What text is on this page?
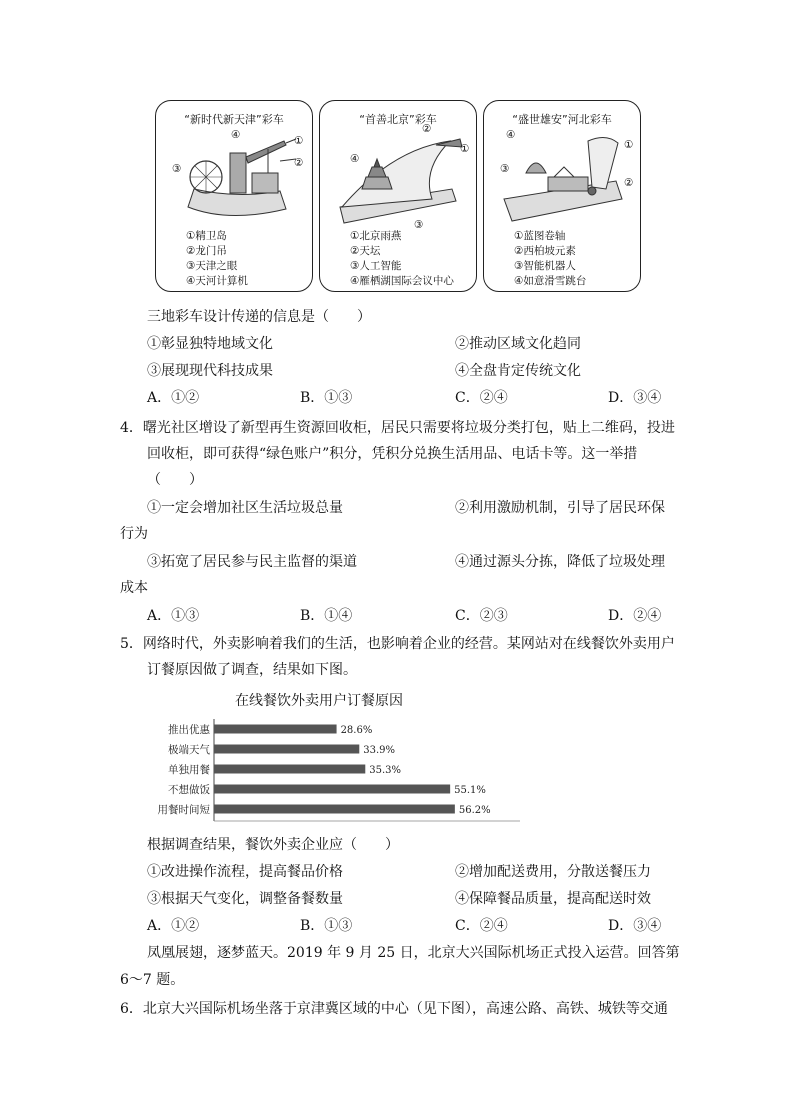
“新时代新天津”彩车
④	①
②
③
①精卫岛
②龙门吊
③天津之眼
④天河计算机
“首善北京”彩车
②
①
④
③
①北京雨燕
②天坛
③人工智能
④雁栖湖国际会议中心
“盛世雄安”河北彩车
④
①
③
②
①蓝图卷轴
②西柏坡元素
③智能机器人
④如意滑雪跳台
三地彩车设计传递的信息是（　　）
①彰显独特地域文化	②推动区域文化趋同
③展现现代科技成果	④全盘肯定传统文化
A．①②	B．①③	C．②④	D．③④
4．曙光社区增设了新型再生资源回收柜，居民只需要将垃圾分类打包，贴上二维码，投进
回收柜，即可获得“绿色账户”积分，凭积分兑换生活用品、电话卡等。这一举措
（　　）
①一定会增加社区生活垃圾总量	②利用激励机制，引导了居民环保
行为
③拓宽了居民参与民主监督的渠道	④通过源头分拣，降低了垃圾处理
成本
A．①③	B．①④	C．②③	D．②④
5．网络时代，外卖影响着我们的生活，也影响着企业的经营。某网站对在线餐饮外卖用户
订餐原因做了调查，结果如下图。
在线餐饮外卖用户订餐原因
推出优惠	28.6%
极端天气	33.9%
单独用餐	35.3%
不想做饭	55.1%
用餐时间短	56.2%
根据调查结果，餐饮外卖企业应（　　）
①改进操作流程，提高餐品价格	②增加配送费用，分散送餐压力
③根据天气变化，调整备餐数量	④保障餐品质量，提高配送时效
A．①②	B．①③	C．②④	D．③④
凤凰展翅，逐梦蓝天。2019 年 9 月 25 日，北京大兴国际机场正式投入运营。回答第
6～7 题。
6．北京大兴国际机场坐落于京津冀区域的中心（见下图），高速公路、高铁、城铁等交通
